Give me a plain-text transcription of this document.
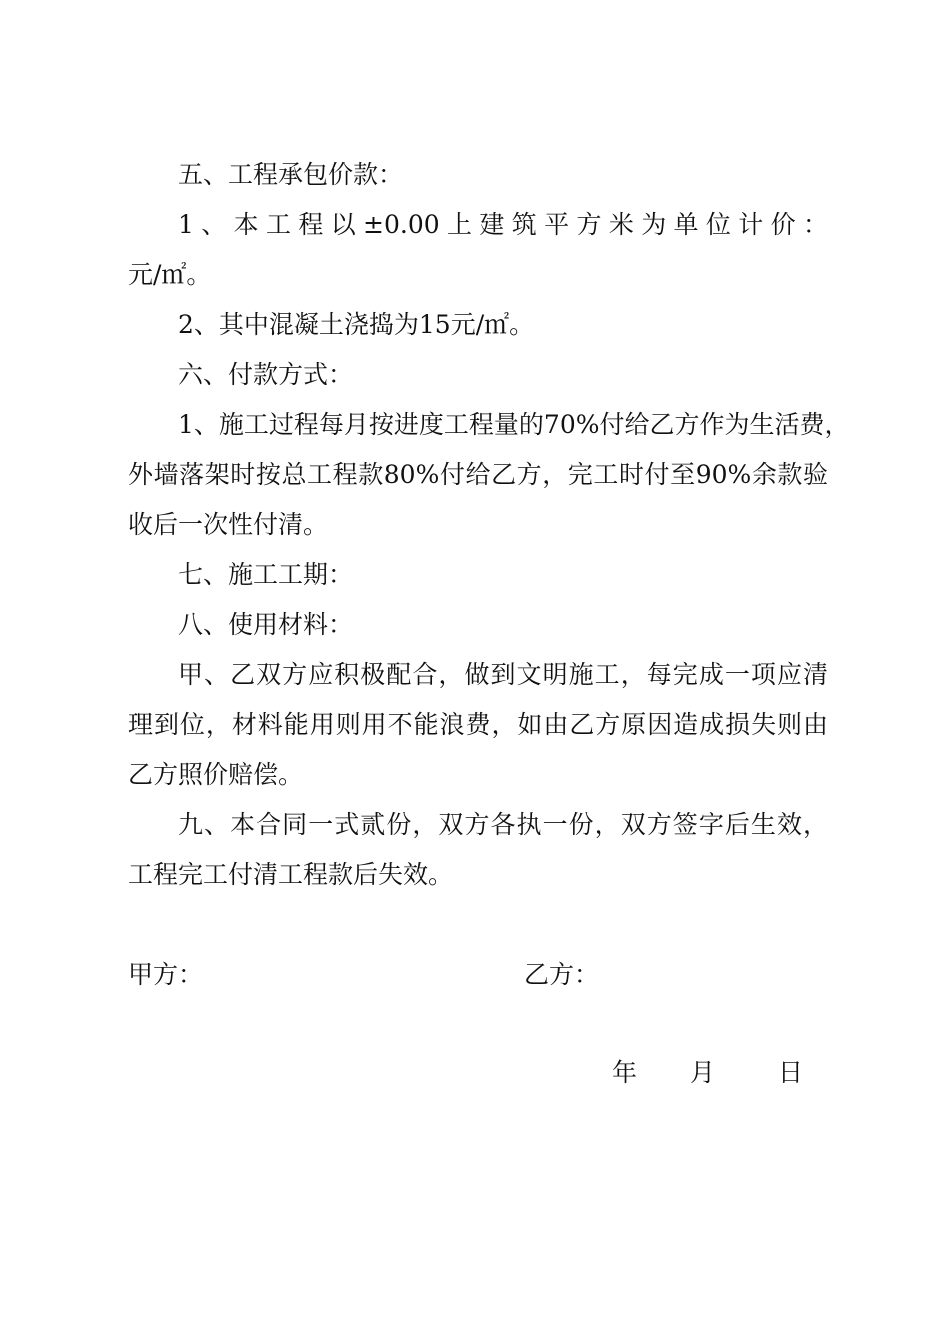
五、工程承包价款：
1、本工程以±0.00上建筑平方米为单位计价：
元/㎡。
2、其中混凝土浇捣为15元/㎡。
六、付款方式：
1、施工过程每月按进度工程量的70%付给乙方作为生活费，
外墙落架时按总工程款80%付给乙方，完工时付至90%余款验
收后一次性付清。
七、施工工期：
八、使用材料：
甲、乙双方应积极配合，做到文明施工，每完成一项应清
理到位，材料能用则用不能浪费，如由乙方原因造成损失则由
乙方照价赔偿。
九、本合同一式贰份，双方各执一份，双方签字后生效，
工程完工付清工程款后失效。
甲方：	乙方：
年 月	日
